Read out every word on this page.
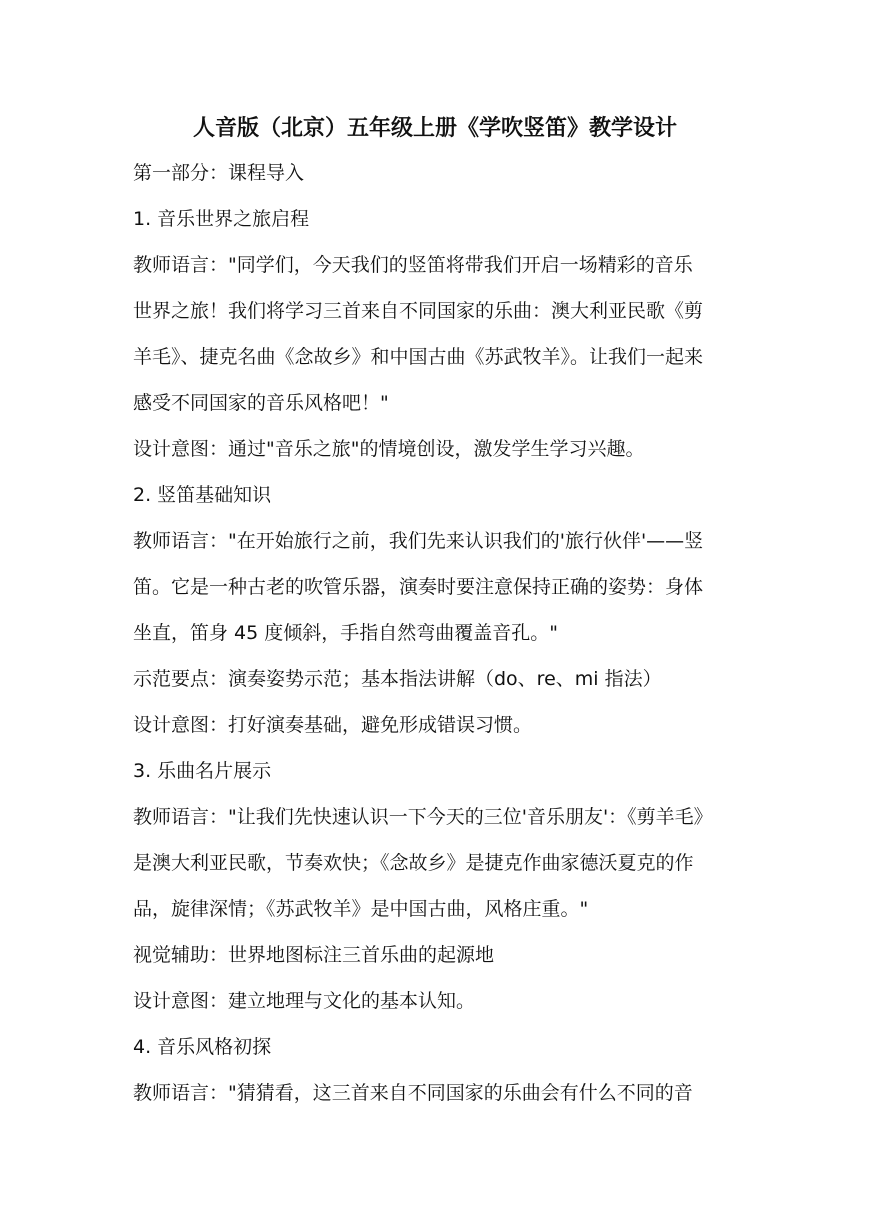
人音版（北京）五年级上册《学吹竖笛》教学设计
第一部分：课程导入
1. 音乐世界之旅启程
教师语言："同学们，今天我们的竖笛将带我们开启一场精彩的音乐
世界之旅！我们将学习三首来自不同国家的乐曲：澳大利亚民歌《剪
羊毛》、捷克名曲《念故乡》和中国古曲《苏武牧羊》。让我们一起来
感受不同国家的音乐风格吧！"
设计意图：通过"音乐之旅"的情境创设，激发学生学习兴趣。
2. 竖笛基础知识
教师语言："在开始旅行之前，我们先来认识我们的'旅行伙伴'——竖
笛。它是一种古老的吹管乐器，演奏时要注意保持正确的姿势：身体
坐直，笛身 45 度倾斜，手指自然弯曲覆盖音孔。"
示范要点：演奏姿势示范；基本指法讲解（do、re、mi 指法）
设计意图：打好演奏基础，避免形成错误习惯。
3. 乐曲名片展示
教师语言："让我们先快速认识一下今天的三位'音乐朋友'：《剪羊毛》
是澳大利亚民歌，节奏欢快；《念故乡》是捷克作曲家德沃夏克的作
品，旋律深情；《苏武牧羊》是中国古曲，风格庄重。"
视觉辅助：世界地图标注三首乐曲的起源地
设计意图：建立地理与文化的基本认知。
4. 音乐风格初探
教师语言："猜猜看，这三首来自不同国家的乐曲会有什么不同的音
